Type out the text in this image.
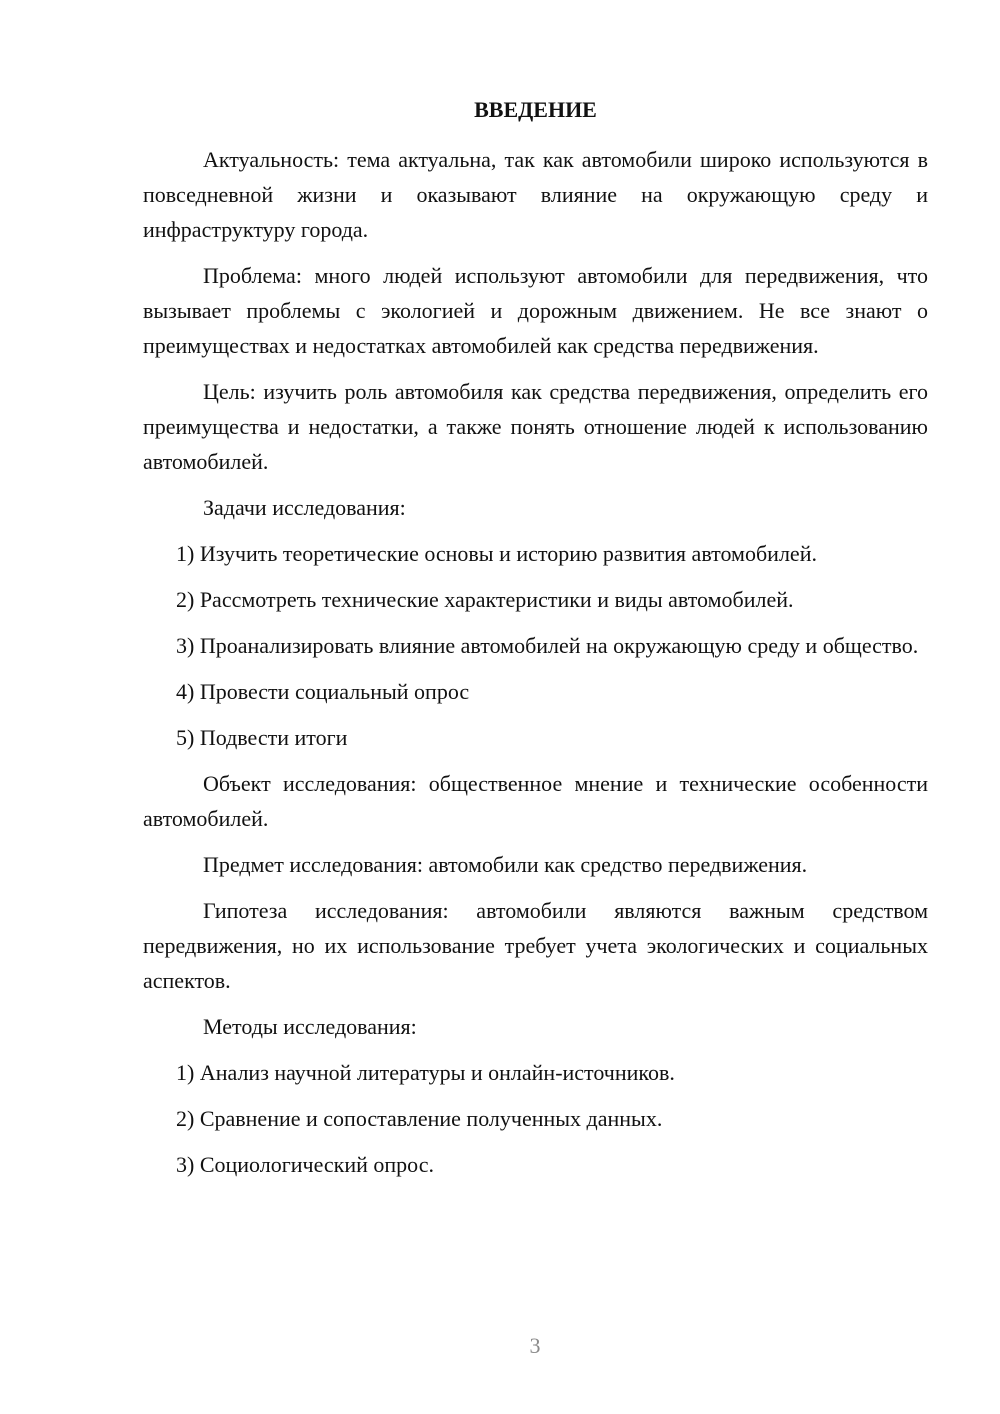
ВВЕДЕНИЕ

Актуальность: тема актуальна, так как автомобили широко используются в повседневной жизни и оказывают влияние на окружающую среду и инфраструктуру города.

Проблема: много людей используют автомобили для передвижения, что вызывает проблемы с экологией и дорожным движением. Не все знают о преимуществах и недостатках автомобилей как средства передвижения.

Цель: изучить роль автомобиля как средства передвижения, определить его преимущества и недостатки, а также понять отношение людей к использованию автомобилей.

Задачи исследования:

1) Изучить теоретические основы и историю развития автомобилей.

2) Рассмотреть технические характеристики и виды автомобилей.

3) Проанализировать влияние автомобилей на окружающую среду и общество.

4) Провести социальный опрос

5) Подвести итоги

Объект исследования: общественное мнение и технические особенности автомобилей.

Предмет исследования: автомобили как средство передвижения.

Гипотеза исследования: автомобили являются важным средством передвижения, но их использование требует учета экологических и социальных аспектов.

Методы исследования:

1) Анализ научной литературы и онлайн-источников.

2) Сравнение и сопоставление полученных данных.

3) Социологический опрос.

3
